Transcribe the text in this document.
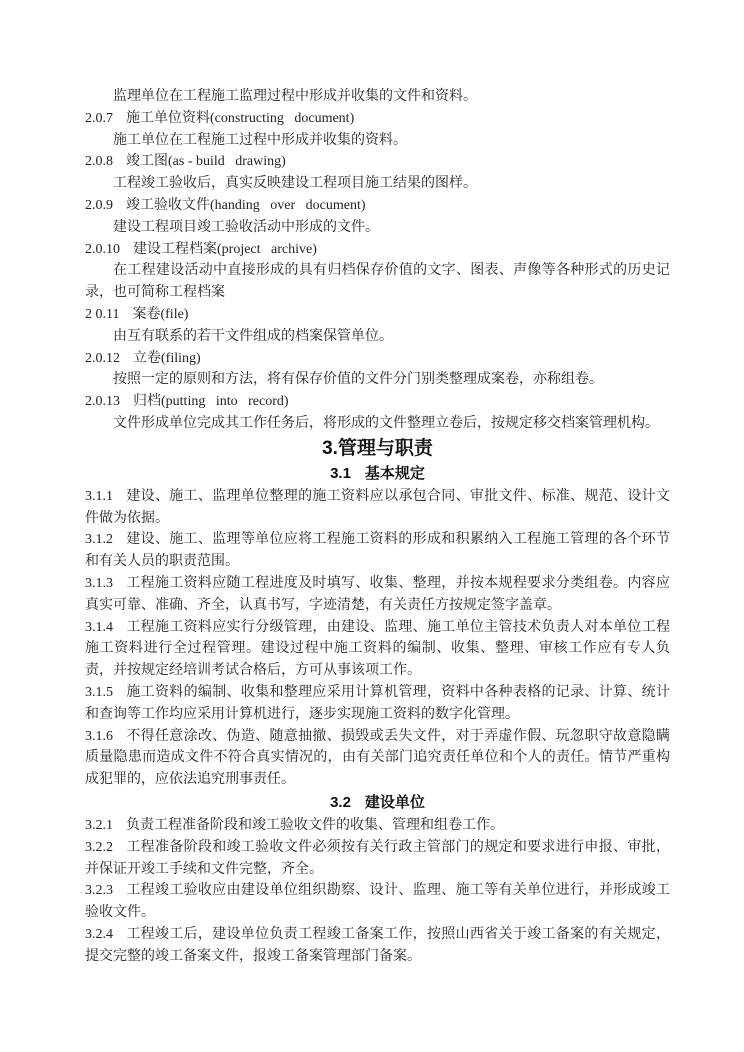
监理单位在工程施工监理过程中形成并收集的文件和资料。
2.0.7 施工单位资料(constructing   document)
施工单位在工程施工过程中形成并收集的资料。
2.0.8 竣工图(as - build   drawing)
工程竣工验收后，真实反映建设工程项目施工结果的图样。
2.0.9 竣工验收文件(handing   over   document)
建设工程项目竣工验收活动中形成的文件。
2.0.10 建设工程档案(project   archive)
在工程建设活动中直接形成的具有归档保存价值的文字、图表、声像等各种形式的历史记录，也可简称工程档案
2 0.11 案卷(file)
由互有联系的若干文件组成的档案保管单位。
2.0.12 立卷(filing)
按照一定的原则和方法，将有保存价值的文件分门别类整理成案卷，亦称组卷。
2.0.13 归档(putting   into   record)
文件形成单位完成其工作任务后，将形成的文件整理立卷后，按规定移交档案管理机构。
3.管理与职责
3.1 基本规定
3.1.1 建设、施工、监理单位整理的施工资料应以承包合同、审批文件、标准、规范、设计文件做为依据。
3.1.2 建设、施工、监理等单位应将工程施工资料的形成和积累纳入工程施工管理的各个环节和有关人员的职责范围。
3.1.3 工程施工资料应随工程进度及时填写、收集、整理，并按本规程要求分类组卷。内容应真实可靠、准确、齐全，认真书写，字迹清楚，有关责任方按规定签字盖章。
3.1.4 工程施工资料应实行分级管理，由建设、监理、施工单位主管技术负责人对本单位工程施工资料进行全过程管理。建设过程中施工资料的编制、收集、整理、审核工作应有专人负责，并按规定经培训考试合格后，方可从事该项工作。
3.1.5 施工资料的编制、收集和整理应采用计算机管理，资料中各种表格的记录、计算、统计和查询等工作均应采用计算机进行，逐步实现施工资料的数字化管理。
3.1.6 不得任意涂改、伪造、随意抽撤、损毁或丢失文件，对于弄虚作假、玩忽职守故意隐瞒质量隐患而造成文件不符合真实情况的，由有关部门追究责任单位和个人的责任。情节严重构成犯罪的，应依法追究刑事责任。
3.2 建设单位
3.2.1 负责工程准备阶段和竣工验收文件的收集、管理和组卷工作。
3.2.2 工程准备阶段和竣工验收文件必须按有关行政主管部门的规定和要求进行申报、审批，并保证开竣工手续和文件完整，齐全。
3.2.3 工程竣工验收应由建设单位组织勘察、设计、监理、施工等有关单位进行，并形成竣工验收文件。
3.2.4 工程竣工后，建设单位负责工程竣工备案工作，按照山西省关于竣工备案的有关规定，提交完整的竣工备案文件，报竣工备案管理部门备案。
